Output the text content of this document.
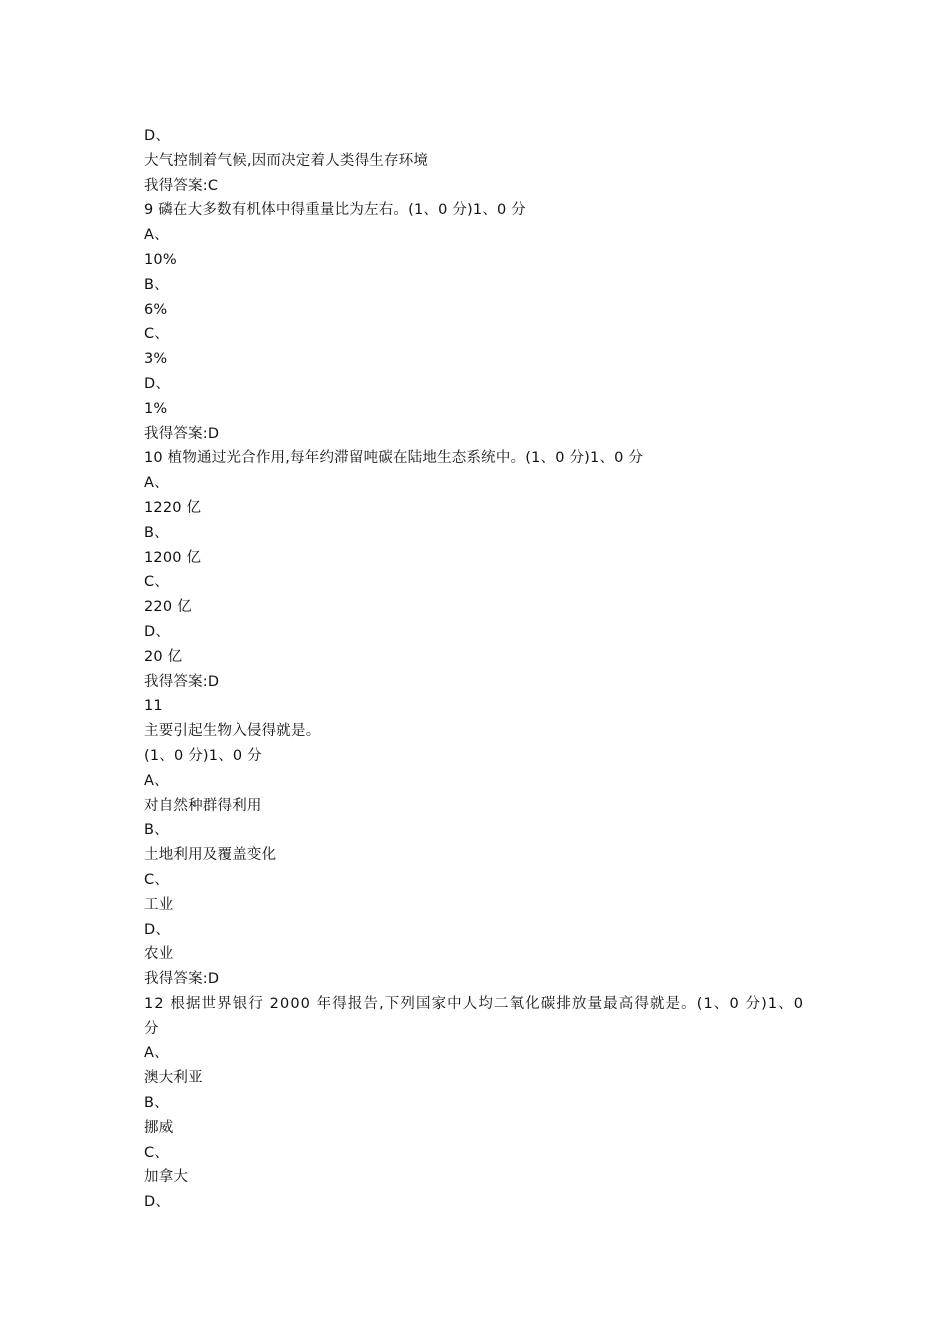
D、
大气控制着气候,因而决定着人类得生存环境
我得答案:C
9 磷在大多数有机体中得重量比为左右。(1、0 分)1、0 分
A、
10%
B、
6%
C、
3%
D、
1%
我得答案:D
10 植物通过光合作用,每年约滞留吨碳在陆地生态系统中。(1、0 分)1、0 分
A、
1220 亿
B、
1200 亿
C、
220 亿
D、
20 亿
我得答案:D
11
主要引起生物入侵得就是。
(1、0 分)1、0 分
A、
对自然种群得利用
B、
土地利用及覆盖变化
C、
工业
D、
农业
我得答案:D
12 根据世界银行 2000 年得报告,下列国家中人均二氧化碳排放量最高得就是。(1、0 分)1、0 分
A、
澳大利亚
B、
挪威
C、
加拿大
D、
